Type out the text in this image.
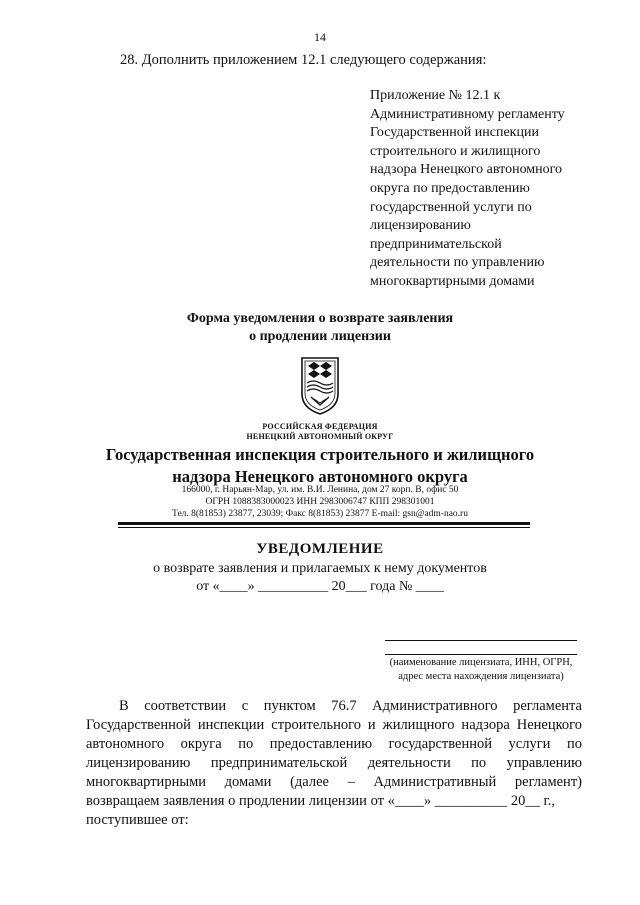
14
28. Дополнить приложением 12.1 следующего содержания:
Приложение № 12.1 к
Административному регламенту
Государственной инспекции
строительного и жилищного
надзора Ненецкого автономного
округа по предоставлению
государственной услуги по
лицензированию
предпринимательской
деятельности по управлению
многоквартирными домами
Форма уведомления о возврате заявления
о продлении лицензии
РОССИЙСКАЯ ФЕДЕРАЦИЯ
НЕНЕЦКИЙ АВТОНОМНЫЙ ОКРУГ
Государственная инспекция строительного и жилищного
надзора Ненецкого автономного округа
166000, г. Нарьян-Мар, ул. им. В.И. Ленина, дом 27 корп. В, офис 50
ОГРН 1088383000023 ИНН 2983006747 КПП 298301001
Тел. 8(81853) 23877, 23039; Факс 8(81853) 23877 E-mail: gsn@adm-nao.ru
УВЕДОМЛЕНИЕ
о возврате заявления и прилагаемых к нему документов
от «____» __________ 20___ года № ____
(наименование лицензиата, ИНН, ОГРН,
адрес места нахождения лицензиата)

В соответствии с пунктом 76.7 Административного регламента Государственной инспекции строительного и жилищного надзора Ненецкого автономного округа по предоставлению государственной услуги по лицензированию предпринимательской деятельности по управлению многоквартирными домами (далее – Административный регламент) возвращаем заявления о продлении лицензии от «____» __________ 20__ г.,

поступившее от:
